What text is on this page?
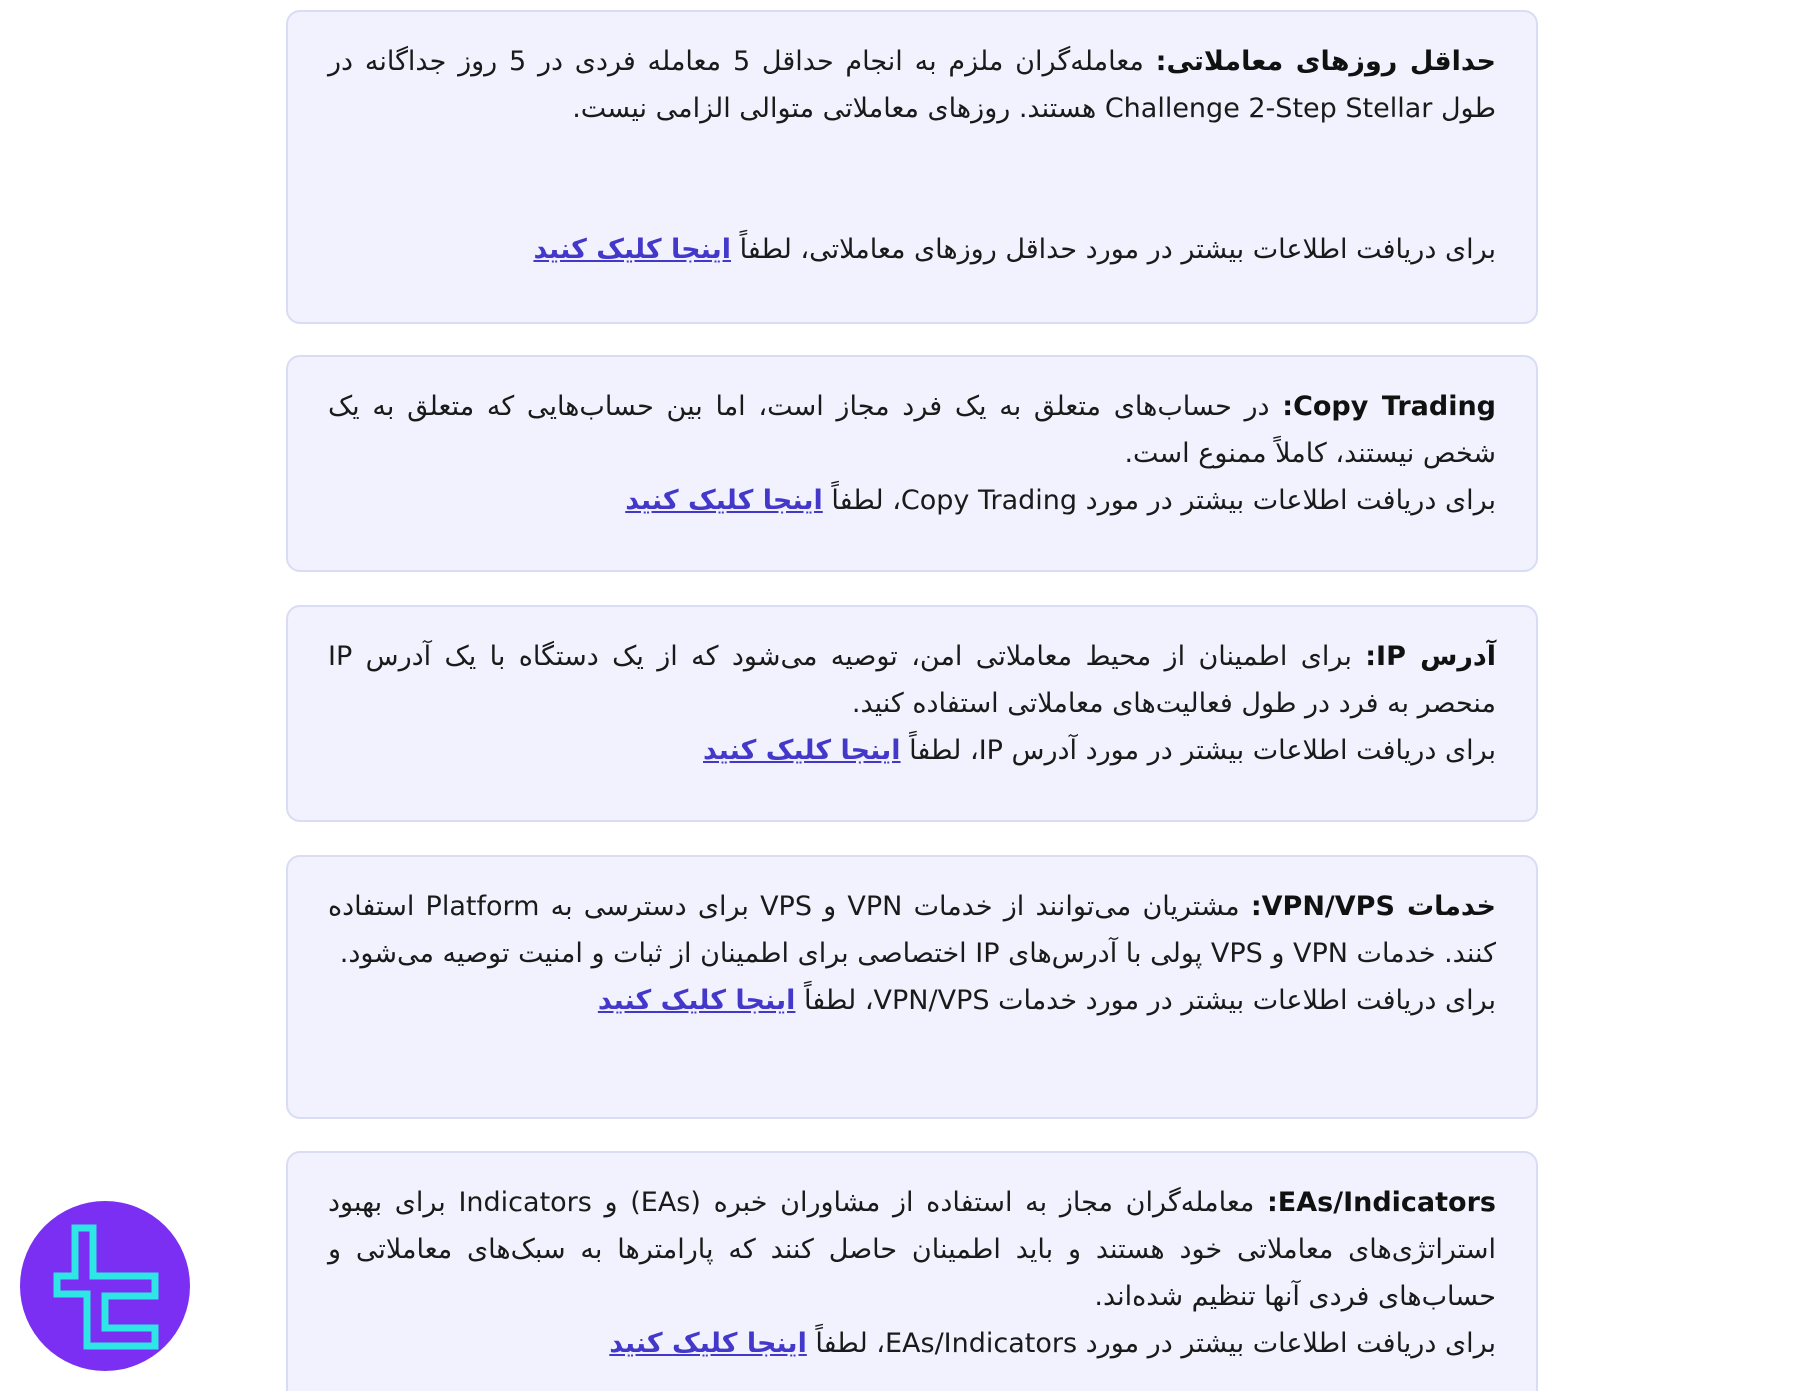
حداقل روزهای معاملاتی: معامله‌گران ملزم به انجام حداقل 5 معامله فردی در 5 روز جداگانه در طول Challenge 2-Step Stellar هستند. روزهای معاملاتی متوالی الزامی نیست.

برای دریافت اطلاعات بیشتر در مورد حداقل روزهای معاملاتی، لطفاً اینجا کلیک کنید

Copy Trading: در حساب‌های متعلق به یک فرد مجاز است، اما بین حساب‌هایی که متعلق به یک شخص نیستند، کاملاً ممنوع است.

برای دریافت اطلاعات بیشتر در مورد Copy Trading، لطفاً اینجا کلیک کنید

آدرس IP: برای اطمینان از محیط معاملاتی امن، توصیه می‌شود که از یک دستگاه با یک آدرس IP منحصر به فرد در طول فعالیت‌های معاملاتی استفاده کنید.

برای دریافت اطلاعات بیشتر در مورد آدرس IP، لطفاً اینجا کلیک کنید

خدمات VPN/VPS: مشتریان می‌توانند از خدمات VPN و VPS برای دسترسی به Platform استفاده کنند. خدمات VPN و VPS پولی با آدرس‌های IP اختصاصی برای اطمینان از ثبات و امنیت توصیه می‌شود.

برای دریافت اطلاعات بیشتر در مورد خدمات VPN/VPS، لطفاً اینجا کلیک کنید

EAs/Indicators: معامله‌گران مجاز به استفاده از مشاوران خبره (EAs) و Indicators برای بهبود استراتژی‌های معاملاتی خود هستند و باید اطمینان حاصل کنند که پارامترها به سبک‌های معاملاتی و حساب‌های فردی آنها تنظیم شده‌اند.

برای دریافت اطلاعات بیشتر در مورد EAs/Indicators، لطفاً اینجا کلیک کنید
